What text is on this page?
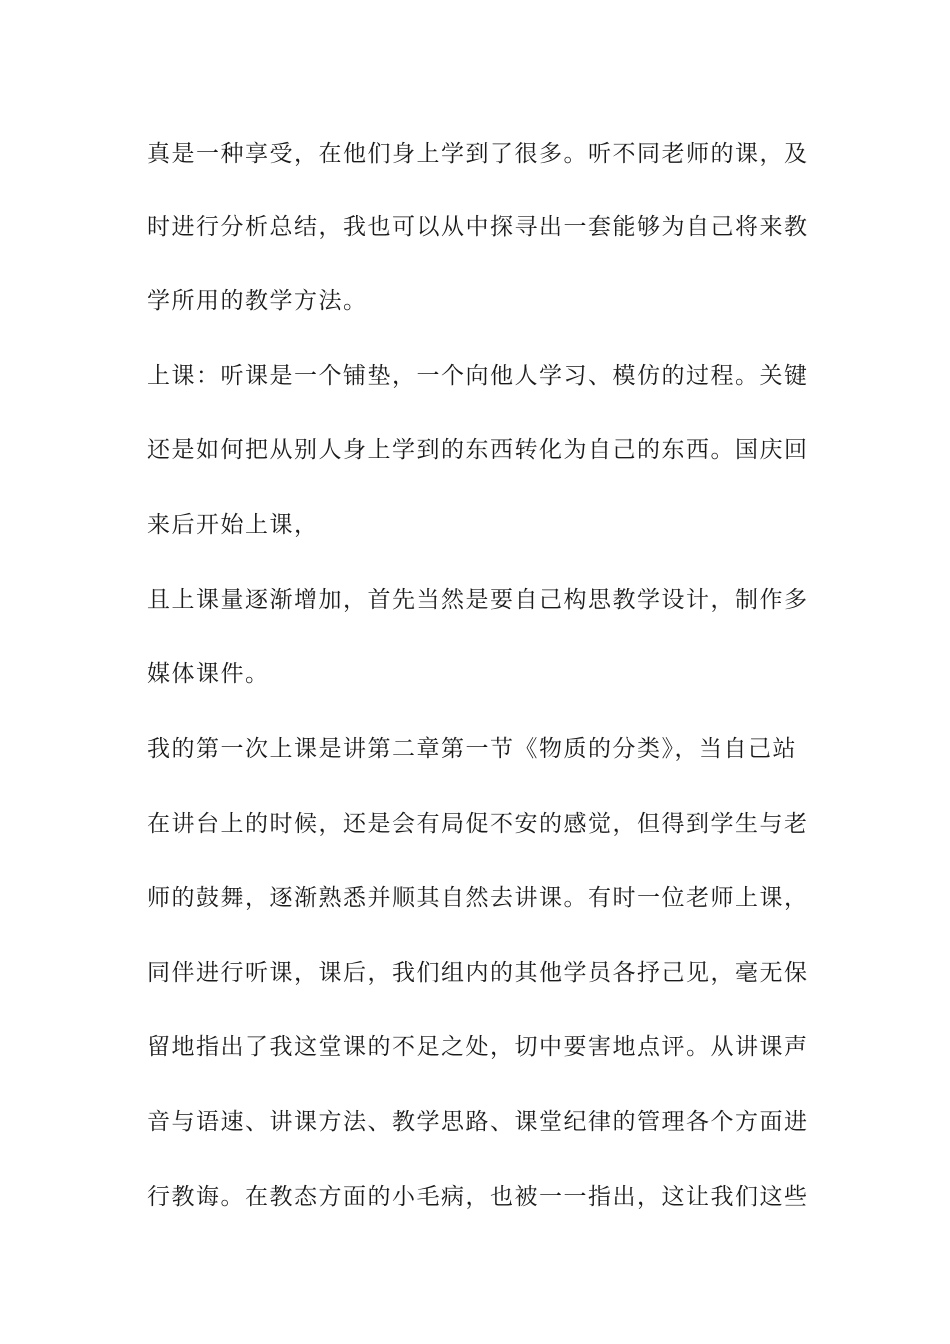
真是一种享受，在他们身上学到了很多。听不同老师的课，及
时进行分析总结，我也可以从中探寻出一套能够为自己将来教
学所用的教学方法。
上课：听课是一个铺垫，一个向他人学习、模仿的过程。关键
还是如何把从别人身上学到的东西转化为自己的东西。国庆回
来后开始上课，
且上课量逐渐增加，首先当然是要自己构思教学设计，制作多
媒体课件。
我的第一次上课是讲第二章第一节《物质的分类》，当自己站
在讲台上的时候，还是会有局促不安的感觉，但得到学生与老
师的鼓舞，逐渐熟悉并顺其自然去讲课。有时一位老师上课，
同伴进行听课，课后，我们组内的其他学员各抒己见，毫无保
留地指出了我这堂课的不足之处，切中要害地点评。从讲课声
音与语速、讲课方法、教学思路、课堂纪律的管理各个方面进
行教诲。在教态方面的小毛病，也被一一指出，这让我们这些
